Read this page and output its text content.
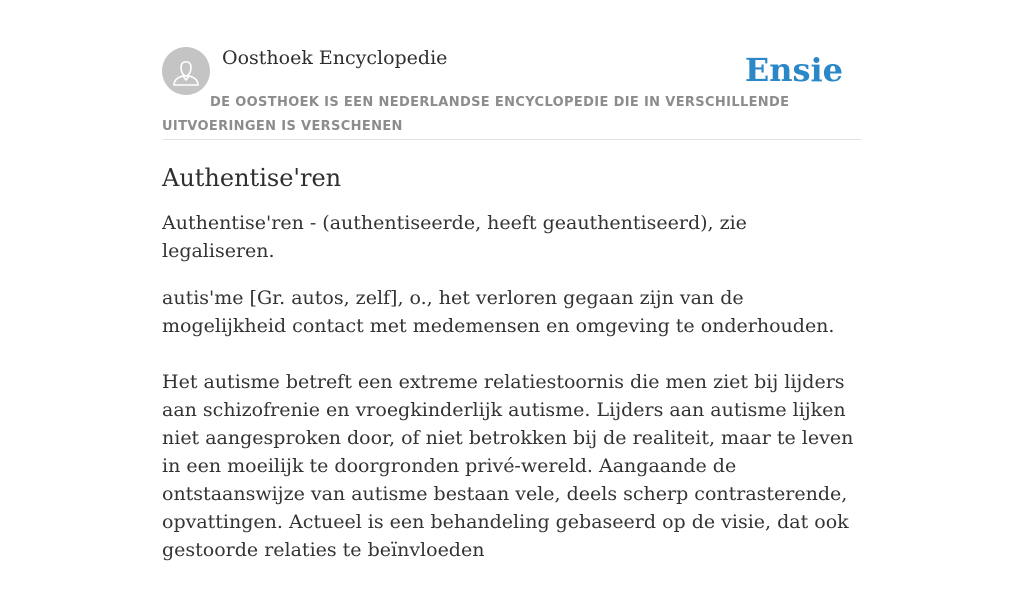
Oosthoek Encyclopedie	Ensie
DE OOSTHOEK IS EEN NEDERLANDSE ENCYCLOPEDIE DIE IN VERSCHILLENDE UITVOERINGEN IS VERSCHENEN
Authentise'ren

Authentise'ren - (authentiseerde, heeft geauthentiseerd), zie legaliseren.

autis'me [Gr. autos, zelf], o., het verloren gegaan zijn van de mogelijkheid contact met medemensen en omgeving te onderhouden.

Het autisme betreft een extreme relatiestoornis die men ziet bij lijders aan schizofrenie en vroegkinderlijk autisme. Lijders aan autisme lijken niet aangesproken door, of niet betrokken bij de realiteit, maar te leven in een moeilijk te doorgronden privé-wereld. Aangaande de ontstaanswijze van autisme bestaan vele, deels scherp contrasterende, opvattingen. Actueel is een behandeling gebaseerd op de visie, dat ook gestoorde relaties te beïnvloeden
